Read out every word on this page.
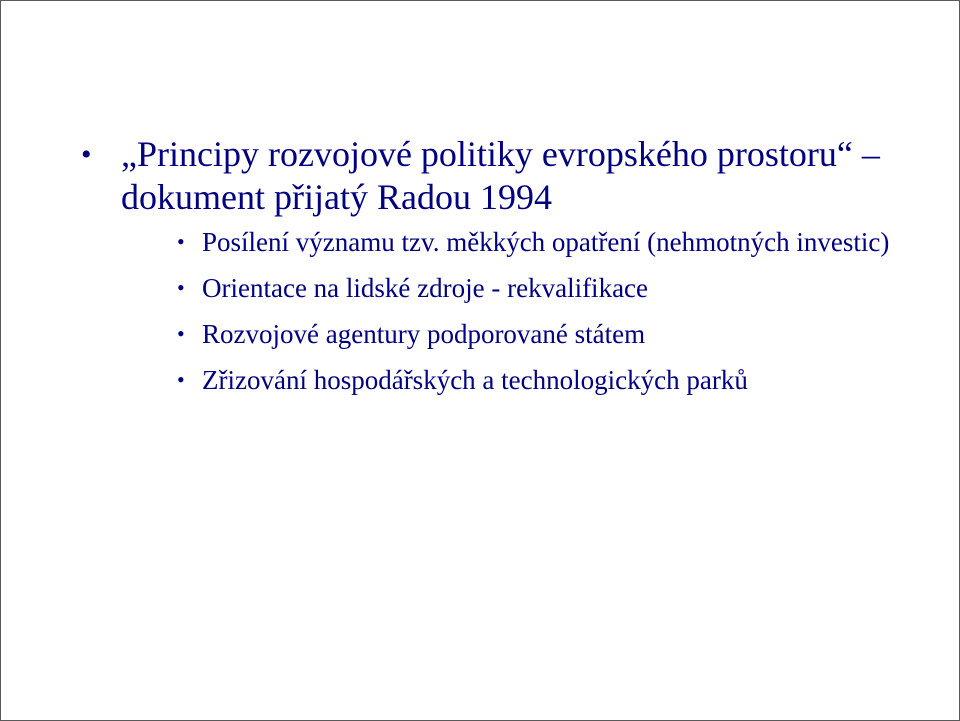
• „Principy rozvojové politiky evropského prostoru“ – dokument přijatý Radou 1994
• Posílení významu tzv. měkkých opatření (nehmotných investic)
• Orientace na lidské zdroje - rekvalifikace
• Rozvojové agentury podporované státem
• Zřizování hospodářských a technologických parků
